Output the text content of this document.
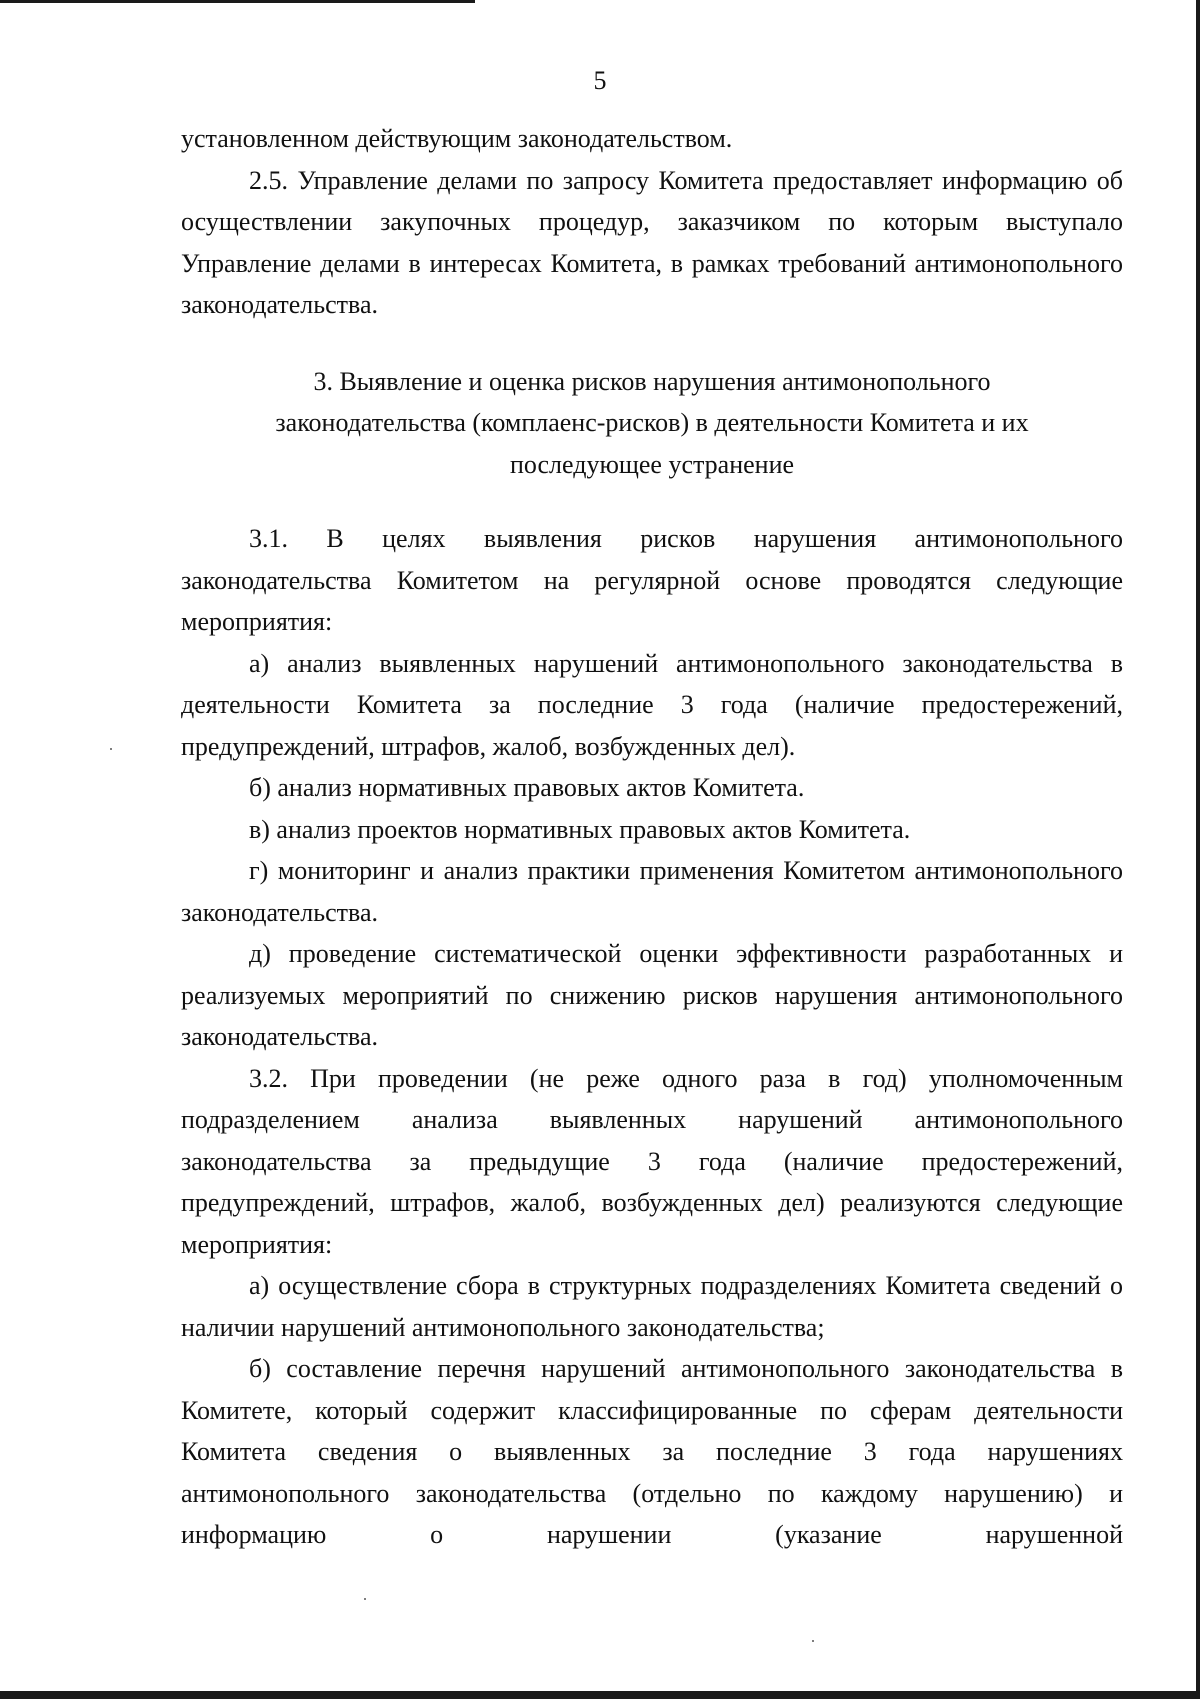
5

установленном действующим законодательством.

2.5. Управление делами по запросу Комитета предоставляет информацию об осуществлении закупочных процедур, заказчиком по которым выступало Управление делами в интересах Комитета, в рамках требований антимонопольного законодательства.

3. Выявление и оценка рисков нарушения антимонопольного законодательства (комплаенс-рисков) в деятельности Комитета и их последующее устранение

3.1. В целях выявления рисков нарушения антимонопольного законодательства Комитетом на регулярной основе проводятся следующие мероприятия:

а) анализ выявленных нарушений антимонопольного законодательства в деятельности Комитета за последние 3 года (наличие предостережений, предупреждений, штрафов, жалоб, возбужденных дел).

б) анализ нормативных правовых актов Комитета.

в) анализ проектов нормативных правовых актов Комитета.

г) мониторинг и анализ практики применения Комитетом антимонопольного законодательства.

д) проведение систематической оценки эффективности разработанных и реализуемых мероприятий по снижению рисков нарушения антимонопольного законодательства.

3.2. При проведении (не реже одного раза в год) уполномоченным подразделением анализа выявленных нарушений антимонопольного законодательства за предыдущие 3 года (наличие предостережений, предупреждений, штрафов, жалоб, возбужденных дел) реализуются следующие мероприятия:

а) осуществление сбора в структурных подразделениях Комитета сведений о наличии нарушений антимонопольного законодательства;

б) составление перечня нарушений антимонопольного законодательства в Комитете, который содержит классифицированные по сферам деятельности Комитета сведения о выявленных за последние 3 года нарушениях антимонопольного законодательства (отдельно по каждому нарушению) и информацию о нарушении (указание нарушенной
